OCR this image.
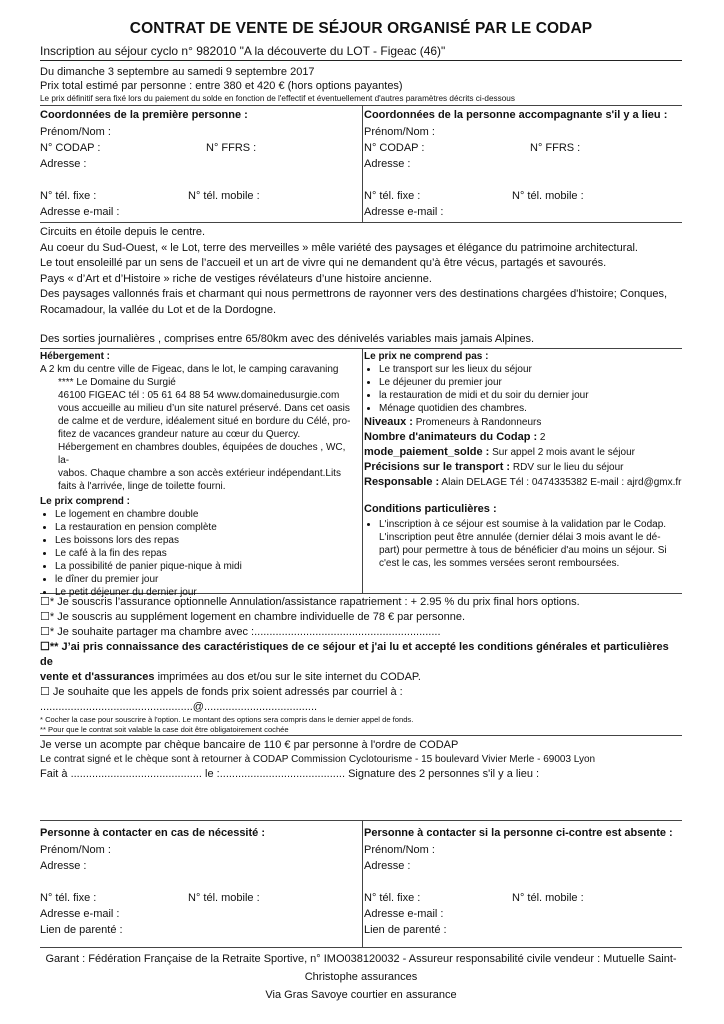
CONTRAT DE VENTE DE SÉJOUR ORGANISÉ PAR LE CODAP
Inscription au séjour cyclo n° 982010 "A la découverte du LOT - Figeac (46)"
Du dimanche 3 septembre au samedi 9 septembre 2017
Prix total estimé par personne : entre 380 et 420 € (hors options payantes)
Le prix définitif sera fixé lors du paiement du solde en fonction de l'effectif et éventuellement d'autres paramètres décrits ci-dessous
Coordonnées de la première personne :
Prénom/Nom :
N° CODAP :	N° FFRS :
Adresse :
N° tél. fixe :	N° tél. mobile :
Adresse e-mail :
Coordonnées de la personne accompagnante s'il y a lieu :
Prénom/Nom :
N° CODAP :	N° FFRS :
Adresse :
N° tél. fixe :	N° tél. mobile :
Adresse e-mail :
Circuits en étoile depuis le centre.
Au coeur du Sud-Ouest, « le Lot, terre des merveilles » mêle variété des paysages et élégance du patrimoine architectural.
Le tout ensoleillé par un sens de l’accueil et un art de vivre qui ne demandent qu’à être vécus, partagés et savourés.
Pays « d’Art et d’Histoire » riche de vestiges révélateurs d’une histoire ancienne.
Des paysages vallonnés frais et charmant qui nous permettrons de rayonner vers des destinations chargées d'histoire; Conques,
Rocamadour, la vallée du Lot et de la Dordogne.
Des sorties journalières , comprises entre 65/80km avec des dénivelés variables mais jamais Alpines.
Hébergement :
A 2 km du centre ville de Figeac, dans le lot, le camping caravaning
**** Le Domaine du Surgié
46100 FIGEAC tél : 05 61 64 88 54 www.domainedusurgie.com
vous accueille au milieu d’un site naturel préservé. Dans cet oasis
de calme et de verdure, idéalement situé en bordure du Célé, pro-
fitez de vacances grandeur nature au cœur du Quercy.
Hébergement en chambres doubles, équipées de douches , WC, la-
vabos. Chaque chambre a son accès extérieur indépendant.Lits
faits à l'arrivée, linge de toilette fourni.
Le prix comprend :
• Le logement en chambre double
• La restauration en pension complète
• Les boissons lors des repas
• Le café à la fin des repas
• La possibilité de panier pique-nique à midi
• le dîner du premier jour
• Le petit déjeuner du dernier jour
Le prix ne comprend pas :
• Le transport sur les lieux du séjour
• Le déjeuner du premier jour
• la restauration de midi et du soir du dernier jour
• Ménage quotidien des chambres.
Niveaux : Promeneurs à Randonneurs
Nombre d'animateurs du Codap : 2
mode_paiement_solde : Sur appel 2 mois avant le séjour
Précisions sur le transport : RDV sur le lieu du séjour
Responsable : Alain DELAGE Tél : 0474335382 E-mail : ajrd@gmx.fr
Conditions particulières :
• L'inscription à ce séjour est soumise à la validation par le Codap.
L'inscription peut être annulée (dernier délai 3 mois avant le dé-
part) pour permettre à tous de bénéficier d'au moins un séjour. Si
c'est le cas, les sommes versées seront remboursées.
☐* Je souscris l’assurance optionnelle Annulation/assistance rapatriement : + 2.95 % du prix final hors options.
☐* Je souscris au supplément logement en chambre individuelle de 78 € par personne.
☐* Je souhaite partager ma chambre avec :.............................................................
☐** J’ai pris connaissance des caractéristiques de ce séjour et j'ai lu et accepté les conditions générales et particulières de
vente et d'assurances imprimées au dos et/ou sur le site internet du CODAP.
☐ Je souhaite que les appels de fonds prix soient adressés par courriel à : ..................................................@.....................................
* Cocher la case pour souscrire à l'option. Le montant des options sera compris dans le dernier appel de fonds.
** Pour que le contrat soit valable la case doit être obligatoirement cochée
Je verse un acompte par chèque bancaire de 110 € par personne à l'ordre de CODAP
Le contrat signé et le chèque sont à retourner à CODAP Commission Cyclotourisme - 15 boulevard Vivier Merle - 69003 Lyon
Fait à ........................................... le :......................................... Signature des 2 personnes s'il y a lieu :
Personne à contacter en cas de nécessité :
Prénom/Nom :
Adresse :
N° tél. fixe :	N° tél. mobile :
Adresse e-mail :
Lien de parenté :
Personne à contacter si la personne ci-contre est absente :
Prénom/Nom :
Adresse :
N° tél. fixe :	N° tél. mobile :
Adresse e-mail :
Lien de parenté :
Garant : Fédération Française de la Retraite Sportive, n° IMO038120032 - Assureur responsabilité civile vendeur : Mutuelle Saint-
Christophe assurances
Via Gras Savoye courtier en assurance
